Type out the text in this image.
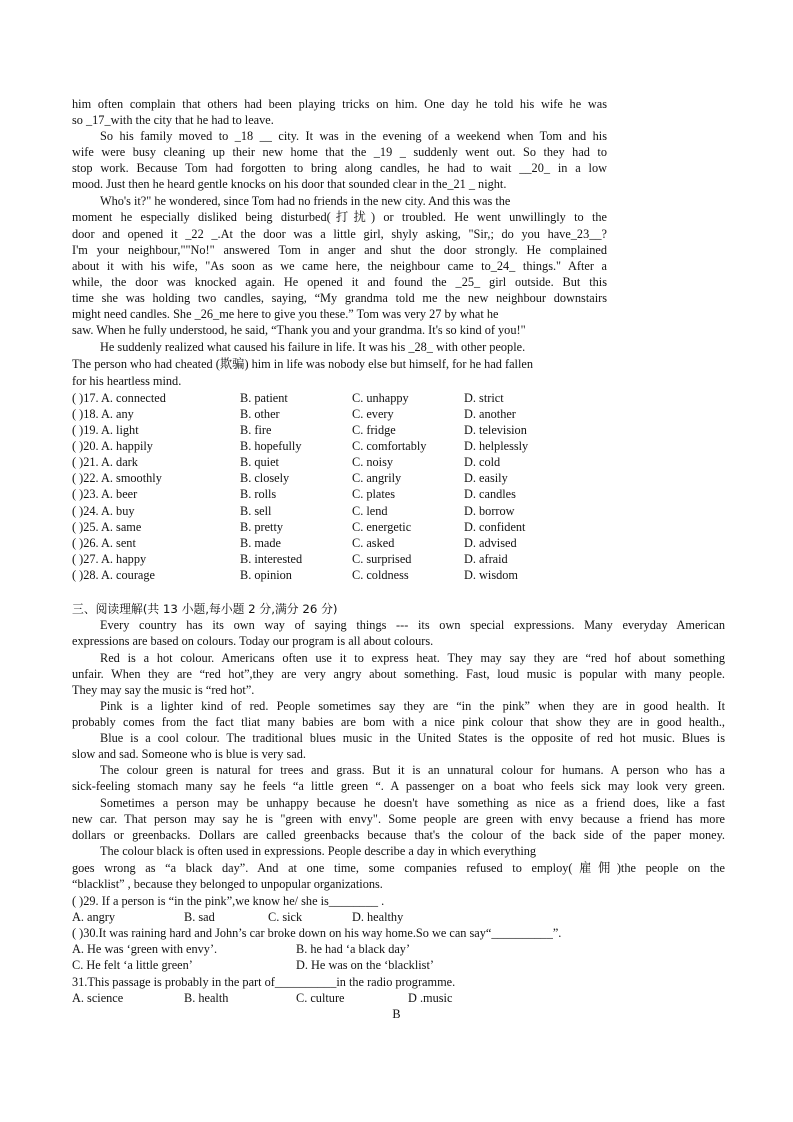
him often complain that others had been playing tricks on him. One day he told his wife he was
so _17_with the city that he had to leave.
So his family moved to _18 __ city. It was in the evening of a weekend when Tom and his
wife were busy cleaning up their new home that the _19 _ suddenly went out. So they had to
stop work. Because Tom had forgotten to bring along candles, he had to wait __20_ in a low
mood. Just then he heard gentle knocks on his door that sounded clear in the_21 _ night.
Who's it?" he wondered, since Tom had no friends in the new city. And this was the
moment he especially disliked being disturbed(打扰) or troubled. He went unwillingly to the
door and opened it _22 _.At the door was a little girl, shyly asking, "Sir,; do you have_23__?
I'm your neighbour,""No!" answered Tom in anger and shut the door strongly. He complained
about it with his wife, "As soon as we came here, the neighbour came to_24_ things." After a
while, the door was knocked again. He opened it and found the _25_ girl outside. But this
time she was holding two candles, saying, “My grandma told me the new neighbour downstairs
might need candles. She _26_me here to give you these.” Tom was very 27 by what he
saw. When he fully understood, he said, “Thank you and your grandma. It's so kind of you!"
He suddenly realized what caused his failure in life. It was his _28_ with other people.
The person who had cheated (欺骗) him in life was nobody else but himself, for he had fallen
for his heartless mind.
( )17. A. connected	B. patient	C. unhappy	D. strict
( )18. A. any	B. other	C. every	D. another
( )19. A. light	B. fire	C. fridge	D. television
( )20. A. happily	B. hopefully	C. comfortably	D. helplessly
( )21. A. dark	B. quiet	C. noisy	D. cold
( )22. A. smoothly	B. closely	C. angrily	D. easily
( )23. A. beer	B. rolls	C. plates	D. candles
( )24. A. buy	B. sell	C. lend	D. borrow
( )25. A. same	B. pretty	C. energetic	D. confident
( )26. A. sent	B. made	C. asked	D. advised
( )27. A. happy	B. interested	C. surprised	D. afraid
( )28. A. courage	B. opinion	C. coldness	D. wisdom
三、阅读理解(共 13 小题,每小题 2 分,满分 26 分)
Every country has its own way of saying things --- its own special expressions. Many everyday American
expressions are based on colours. Today our program is all about colours.
Red is a hot colour. Americans often use it to express heat. They may say they are “red hof about something
unfair. When they are “red hot”,they are very angry about something. Fast, loud music is popular with many people.
They may say the music is “red hot”.
Pink is a lighter kind of red. People sometimes say they are “in the pink” when they are in good health. It
probably comes from the fact tliat many babies are bom with a nice pink colour that show they are in good health.,
Blue is a cool colour. The traditional blues music in the United States is the opposite of red hot music. Blues is
slow and sad. Someone who is blue is very sad.
The colour green is natural for trees and grass. But it is an unnatural colour for humans. A person who has a
sick-feeling stomach many say he feels “a little green “. A passenger on a boat who feels sick may look very green.
Sometimes a person may be unhappy because he doesn't have something as nice as a friend does, like a fast
new car. That person may say he is "green with envy". Some people are green with envy because a friend has more
dollars or greenbacks. Dollars are called greenbacks because that's the colour of the back side of the paper money.
The colour black is often used in expressions. People describe a day in which everything
goes wrong as “a black day”. And at one time, some companies refused to employ(雇佣)the people on the
“blacklist” , because they belonged to unpopular organizations.
( )29. If a person is “in the pink”,we know he/ she is________ .
A. angry	B. sad	C. sick	D. healthy
( )30.It was raining hard and John’s car broke down on his way home.So we can say“__________”.
A. He was ‘green with envy’.	B. he had ‘a black day’
C. He felt ‘a little green’	D. He was on the ‘blacklist’
31.This passage is probably in the part of__________in the radio programme.
A. science	B. health	C. culture	D .music
B
